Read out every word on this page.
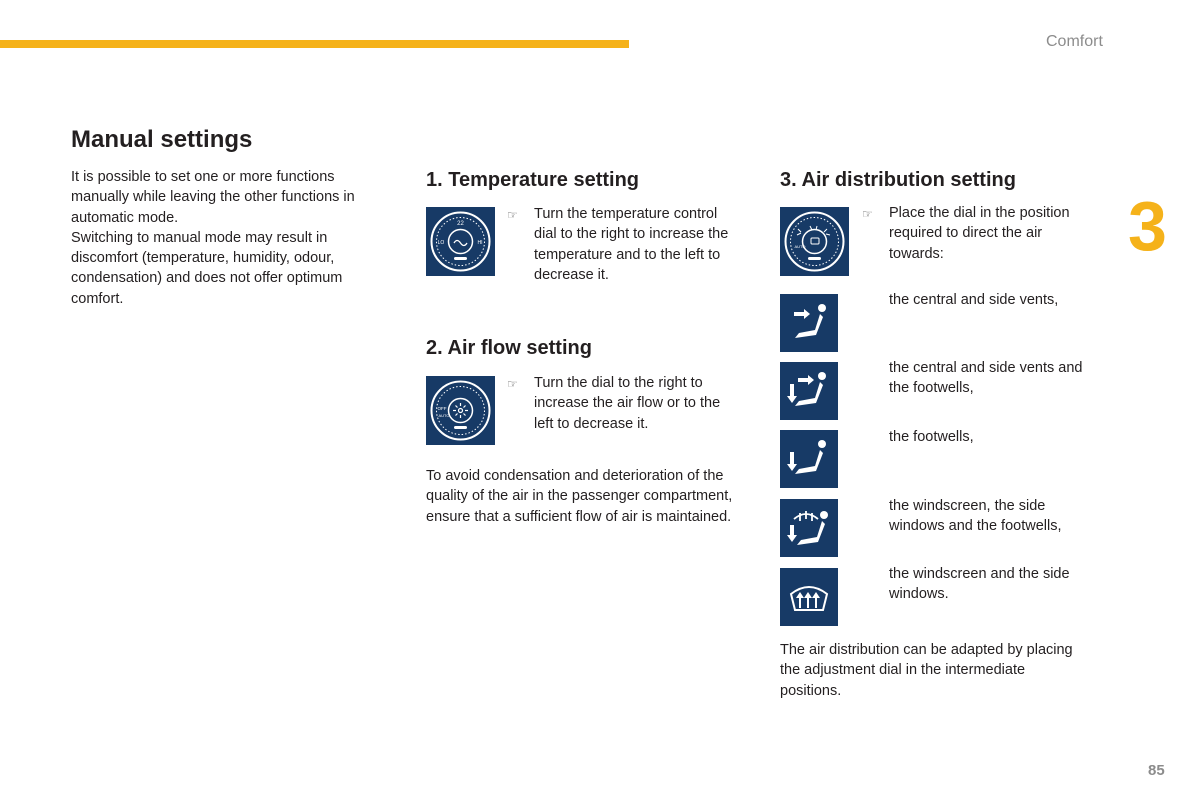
Comfort
3
85
Manual settings
It is possible to set one or more functions
manually while leaving the other functions in
automatic mode.
Switching to manual mode may result in
discomfort (temperature, humidity, odour,
condensation) and does not offer optimum
comfort.
1. Temperature setting
22
LO	HI
☞ Turn the temperature control
dial to the right to increase the
temperature and to the left to
decrease it.
2. Air flow setting
OFF
AUTO
☞ Turn the dial to the right to
increase the air flow or to the
left to decrease it.
To avoid condensation and deterioration of the
quality of the air in the passenger compartment,
ensure that a sufficient flow of air is maintained.
3. Air distribution setting
AUTO
☞ Place the dial in the position
required to direct the air
towards:
the central and side vents,
the central and side vents and
the footwells,
the footwells,
the windscreen, the side
windows and the footwells,
the windscreen and the side
windows.
The air distribution can be adapted by placing
the adjustment dial in the intermediate
positions.
